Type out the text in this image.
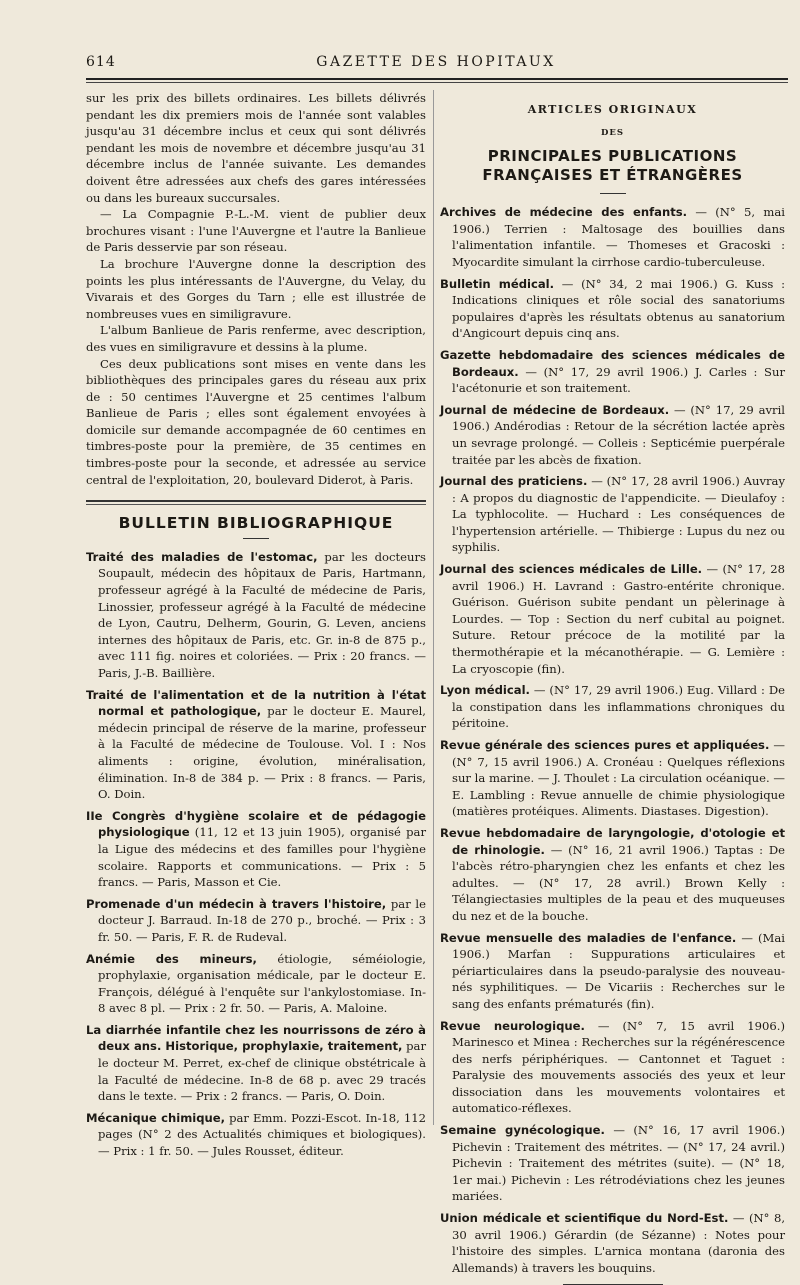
614	GAZETTE DES HOPITAUX

sur les prix des billets ordinaires. Les billets délivrés pendant les dix premiers mois de l'année sont valables jusqu'au 31 décembre inclus et ceux qui sont délivrés pendant les mois de novembre et décembre jusqu'au 31 décembre inclus de l'année suivante. Les demandes doivent être adressées aux chefs des gares intéressées ou dans les bureaux succursales.

— La Compagnie P.-L.-M. vient de publier deux brochures visant : l'une l'Auvergne et l'autre la Banlieue de Paris desservie par son réseau.

La brochure l'Auvergne donne la description des points les plus intéressants de l'Auvergne, du Velay, du Vivarais et des Gorges du Tarn ; elle est illustrée de nombreuses vues en similigravure.

L'album Banlieue de Paris renferme, avec description, des vues en similigravure et dessins à la plume.

Ces deux publications sont mises en vente dans les bibliothèques des principales gares du réseau aux prix de : 50 centimes l'Auvergne et 25 centimes l'album Banlieue de Paris ; elles sont également envoyées à domicile sur demande accompagnée de 60 centimes en timbres-poste pour la première, de 35 centimes en timbres-poste pour la seconde, et adressée au service central de l'exploitation, 20, boulevard Diderot, à Paris.

BULLETIN BIBLIOGRAPHIQUE
Traité des maladies de l'estomac, par les docteurs Soupault, médecin des hôpitaux de Paris, Hartmann, professeur agrégé à la Faculté de médecine de Paris, Linossier, professeur agrégé à la Faculté de médecine de Lyon, Cautru, Delherm, Gourin, G. Leven, anciens internes des hôpitaux de Paris, etc. Gr. in-8 de 875 p., avec 111 fig. noires et coloriées. — Prix : 20 francs. — Paris, J.-B. Baillière.
Traité de l'alimentation et de la nutrition à l'état normal et pathologique, par le docteur E. Maurel, médecin principal de réserve de la marine, professeur à la Faculté de médecine de Toulouse. Vol. I : Nos aliments : origine, évolution, minéralisation, élimination. In-8 de 384 p. — Prix : 8 francs. — Paris, O. Doin.
IIe Congrès d'hygiène scolaire et de pédagogie physiologique (11, 12 et 13 juin 1905), organisé par la Ligue des médecins et des familles pour l'hygiène scolaire. Rapports et communications. — Prix : 5 francs. — Paris, Masson et Cie.
Promenade d'un médecin à travers l'histoire, par le docteur J. Barraud. In-18 de 270 p., broché. — Prix : 3 fr. 50. — Paris, F. R. de Rudeval.
Anémie des mineurs, étiologie, séméiologie, prophylaxie, organisation médicale, par le docteur E. François, délégué à l'enquête sur l'ankylostomiase. In-8 avec 8 pl. — Prix : 2 fr. 50. — Paris, A. Maloine.
La diarrhée infantile chez les nourrissons de zéro à deux ans. Historique, prophylaxie, traitement, par le docteur M. Perret, ex-chef de clinique obstétricale à la Faculté de médecine. In-8 de 68 p. avec 29 tracés dans le texte. — Prix : 2 francs. — Paris, O. Doin.
Mécanique chimique, par Emm. Pozzi-Escot. In-18, 112 pages (N° 2 des Actualités chimiques et biologiques). — Prix : 1 fr. 50. — Jules Rousset, éditeur.
ARTICLES ORIGINAUX
DES
PRINCIPALES PUBLICATIONS FRANÇAISES ET ÉTRANGÈRES
Archives de médecine des enfants. — (N° 5, mai 1906.) Terrien : Maltosage des bouillies dans l'alimentation infantile. — Thomeses et Gracoski : Myocardite simulant la cirrhose cardio-tuberculeuse.
Bulletin médical. — (N° 34, 2 mai 1906.) G. Kuss : Indications cliniques et rôle social des sanatoriums populaires d'après les résultats obtenus au sanatorium d'Angicourt depuis cinq ans.
Gazette hebdomadaire des sciences médicales de Bordeaux. — (N° 17, 29 avril 1906.) J. Carles : Sur l'acétonurie et son traitement.
Journal de médecine de Bordeaux. — (N° 17, 29 avril 1906.) Andérodias : Retour de la sécrétion lactée après un sevrage prolongé. — Colleis : Septicémie puerpérale traitée par les abcès de fixation.
Journal des praticiens. — (N° 17, 28 avril 1906.) Auvray : A propos du diagnostic de l'appendicite. — Dieulafoy : La typhlocolite. — Huchard : Les conséquences de l'hypertension artérielle. — Thibierge : Lupus du nez ou syphilis.
Journal des sciences médicales de Lille. — (N° 17, 28 avril 1906.) H. Lavrand : Gastro-entérite chronique. Guérison. Guérison subite pendant un pèlerinage à Lourdes. — Top : Section du nerf cubital au poignet. Suture. Retour précoce de la motilité par la thermothérapie et la mécanothérapie. — G. Lemière : La cryoscopie (fin).
Lyon médical. — (N° 17, 29 avril 1906.) Eug. Villard : De la constipation dans les inflammations chroniques du péritoine.
Revue générale des sciences pures et appliquées. — (N° 7, 15 avril 1906.) A. Cronéau : Quelques réflexions sur la marine. — J. Thoulet : La circulation océanique. — E. Lambling : Revue annuelle de chimie physiologique (matières protéiques. Aliments. Diastases. Digestion).
Revue hebdomadaire de laryngologie, d'otologie et de rhinologie. — (N° 16, 21 avril 1906.) Taptas : De l'abcès rétro-pharyngien chez les enfants et chez les adultes. — (N° 17, 28 avril.) Brown Kelly : Télangiectasies multiples de la peau et des muqueuses du nez et de la bouche.
Revue mensuelle des maladies de l'enfance. — (Mai 1906.) Marfan : Suppurations articulaires et périarticulaires dans la pseudo-paralysie des nouveau-nés syphilitiques. — De Vicariis : Recherches sur le sang des enfants prématurés (fin).
Revue neurologique. — (N° 7, 15 avril 1906.) Marinesco et Minea : Recherches sur la régénérescence des nerfs périphériques. — Cantonnet et Taguet : Paralysie des mouvements associés des yeux et leur dissociation dans les mouvements volontaires et automatico-réflexes.
Semaine gynécologique. — (N° 16, 17 avril 1906.) Pichevin : Traitement des métrites. — (N° 17, 24 avril.) Pichevin : Traitement des métrites (suite). — (N° 18, 1er mai.) Pichevin : Les rétrodéviations chez les jeunes mariées.
Union médicale et scientifique du Nord-Est. — (N° 8, 30 avril 1906.) Gérardin (de Sézanne) : Notes pour l'histoire des simples. L'arnica montana (daronia des Allemands) à travers les bouquins.
